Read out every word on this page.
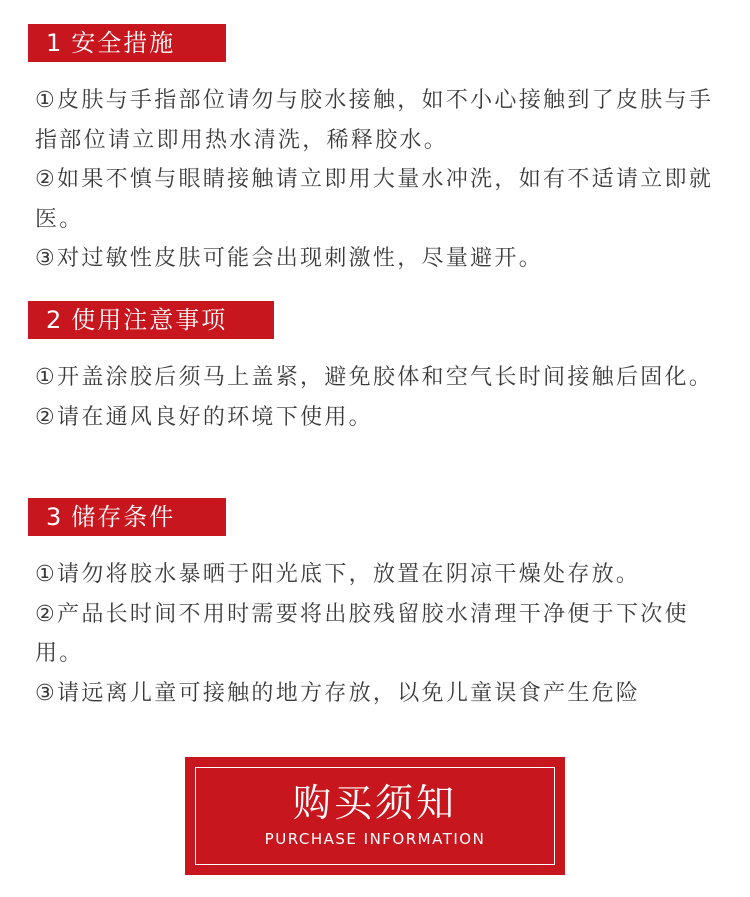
1 安全措施

①皮肤与手指部位请勿与胶水接触，如不小心接触到了皮肤与手指部位请立即用热水清洗，稀释胶水。

②如果不慎与眼睛接触请立即用大量水冲洗，如有不适请立即就医。

③对过敏性皮肤可能会出现刺激性，尽量避开。

2 使用注意事项

①开盖涂胶后须马上盖紧，避免胶体和空气长时间接触后固化。

②请在通风良好的环境下使用。

3 储存条件

①请勿将胶水暴晒于阳光底下，放置在阴凉干燥处存放。

②产品长时间不用时需要将出胶残留胶水清理干净便于下次使用。

③请远离儿童可接触的地方存放，以免儿童误食产生危险

购买须知
PURCHASE INFORMATION
